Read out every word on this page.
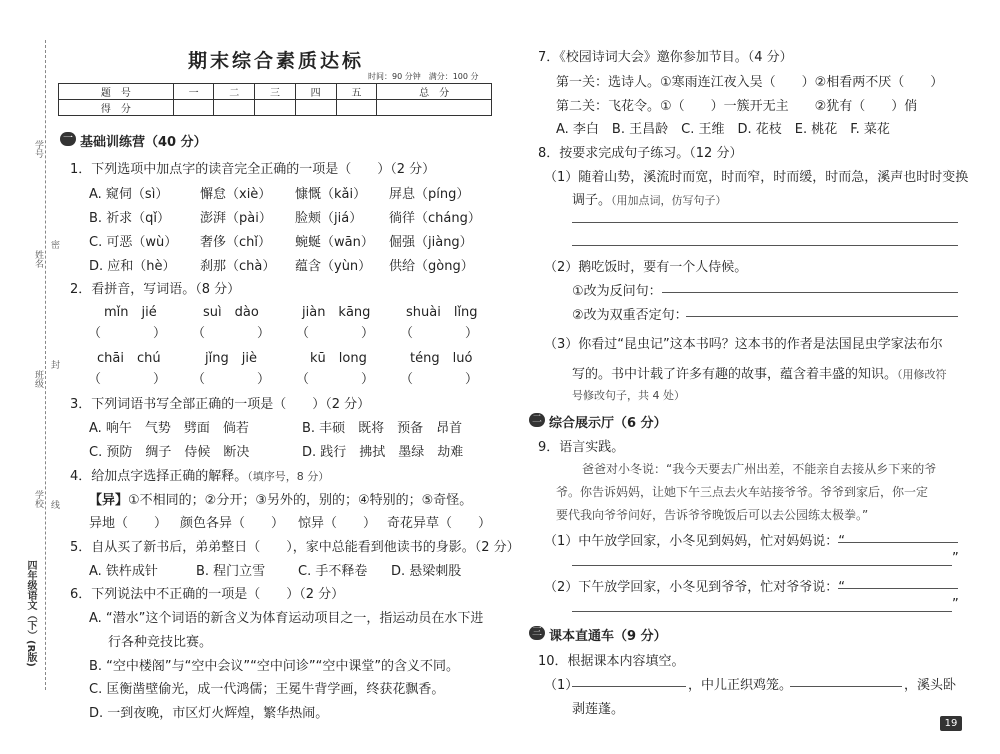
学号
姓名
班级
学校
密
封
线
四年级语文（下）(R版)
期末综合素质达标
时间：90 分钟　满分：100 分
题　号	一	二	三	四	五	总　分
得　分						
一 基础训练营（40 分）
1．下列选项中加点字的读音完全正确的一项是（　　）（2 分）
A. 窥伺（sì） 懈怠（xiè） 慷慨（kǎi） 屏息（píng）
B. 祈求（qǐ） 澎湃（pài） 脸颊（jiá） 徜徉（cháng）
C. 可恶（wù） 奢侈（chǐ） 蜿蜒（wān） 倔强（jiàng）
D. 应和（hè） 刹那（chà） 蕴含（yùn） 供给（gòng）
2．看拼音，写词语。（8 分）
mǐn　jié	suì　dào	jiàn　kāng	shuài　lǐng
（　　　　） （　　　　） （　　　　） （　　　　）
chāi　chú	jǐng　jiè	kū　long	téng　luó
（　　　　） （　　　　） （　　　　） （　　　　）
3．下列词语书写全部正确的一项是（　　）（2 分）
A. 响午　气势　劈面　倘若	B. 丰硕　既将　预备　昂首
C. 预防　绸子　侍候　断决	D. 践行　拂拭　墨绿　劫难
4．给加点字选择正确的解释。（填序号，8 分）
【异】①不相同的；②分开；③另外的，别的；④特别的；⑤奇怪。
异地（　　） 颜色各异（　　） 惊异（　　） 奇花异草（　　）
5．自从买了新书后，弟弟整日（　　），家中总能看到他读书的身影。（2 分）
A. 铁杵成针	B. 程门立雪	C. 手不释卷 D. 悬梁刺股
6．下列说法中不正确的一项是（　　）（2 分）
A. “潜水”这个词语的新含义为体育运动项目之一，指运动员在水下进
行各种竞技比赛。
B. “空中楼阁”与“空中会议”“空中问诊”“空中课堂”的含义不同。
C. 匡衡凿壁偷光，成一代鸿儒；王冕牛背学画，终获花飘香。
D. 一到夜晚，市区灯火辉煌，繁华热闹。
7．《校园诗词大会》邀你参加节目。（4 分）
第一关：选诗人。①寒雨连江夜入吴（　　）②相看两不厌（　　）
第二关：飞花令。①（　　）一簇开无主　　②犹有（　　）俏
A. 李白　B. 王昌龄　C. 王维　D. 花枝　E. 桃花　F. 菜花
8．按要求完成句子练习。（12 分）
（1）随着山势，溪流时而宽，时而窄，时而缓，时而急，溪声也时时变换
调子。（用加点词，仿写句子）
（2）鹅吃饭时，要有一个人侍候。
①改为反问句：
②改为双重否定句：
（3）你看过“昆虫记”这本书吗？这本书的作者是法国昆虫学家法布尔
写的。书中计载了许多有趣的故事，蕴含着丰盛的知识。（用修改符
号修改句子，共 4 处）
二 综合展示厅（6 分）
9．语言实践。
爸爸对小冬说：“我今天要去广州出差，不能亲自去接从乡下来的爷
爷。你告诉妈妈，让她下午三点去火车站接爷爷。爷爷到家后，你一定
要代我向爷爷问好，告诉爷爷晚饭后可以去公园练太极拳。”
（1）中午放学回家，小冬见到妈妈，忙对妈妈说：“
”
（2）下午放学回家，小冬见到爷爷，忙对爷爷说：“
”
三 课本直通车（9 分）
10．根据课本内容填空。
（1）	，中儿正织鸡笼。	，溪头卧
剥莲蓬。
19
